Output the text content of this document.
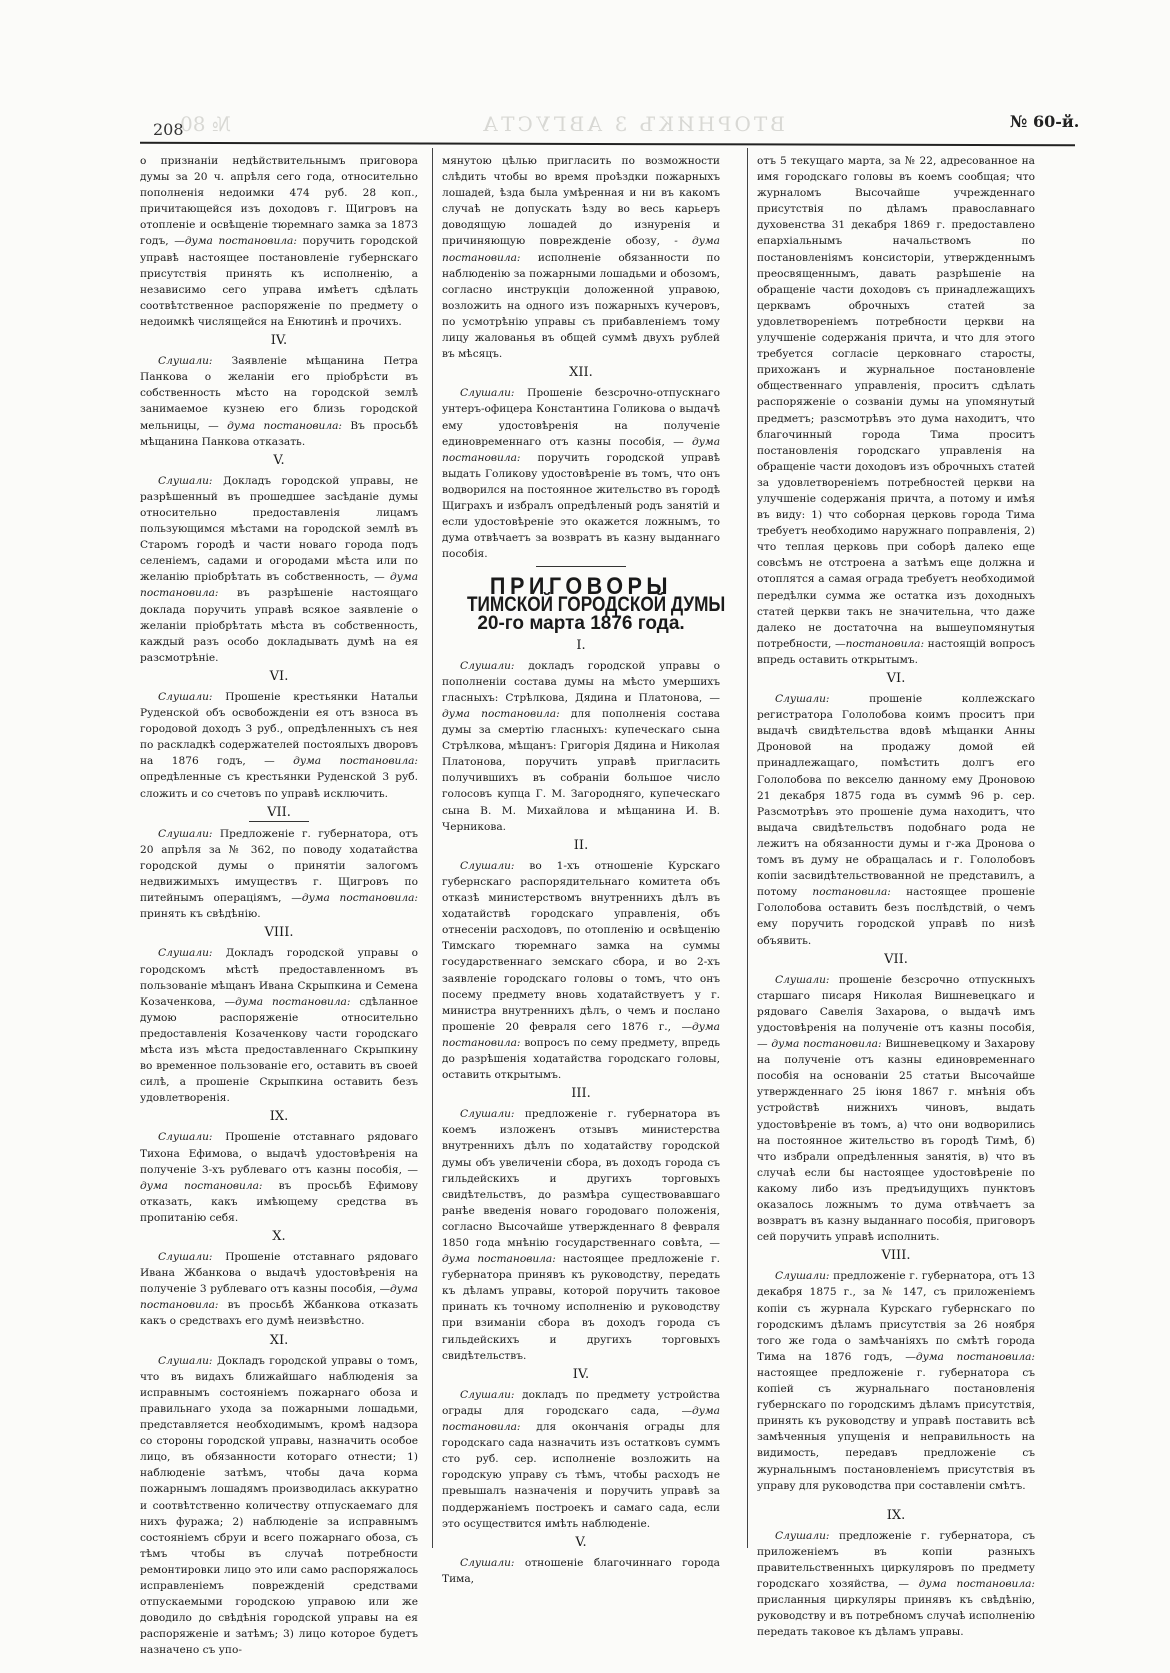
№ 80	ВТОРНИКЪ 3 АВГУСТА
208	№ 60-й.

о признаніи недѣйствительнымъ приговора думы за 20 ч. апрѣля сего года, относительно пополненія недоимки 474 руб. 28 коп., причитающейся изъ доходовъ г. Щигровъ на отопленіе и освѣщеніе тюремнаго замка за 1873 годъ, —дума постановила: поручить городской управѣ настоящее постановленіе губернскаго присутствія принять къ исполненію, а независимо сего управа имѣетъ сдѣлать соотвѣтственное распоряженіе по предмету о недоимкѣ числящейся на Енютинѣ и прочихъ.

IV.

Слушали: Заявленіе мѣщанина Петра Панкова о желаніи его пріобрѣсти въ собственность мѣсто на городской землѣ занимаемое кузнею его близь городской мельницы, — дума постановила: Въ просьбѣ мѣщанина Панкова отказать.

V.

Слушали: Докладъ городской управы, не разрѣшенный въ прошедшее засѣданіе думы относительно предоставленія лицамъ пользующимся мѣстами на городской землѣ въ Старомъ городѣ и части новаго города подъ селеніемъ, садами и огородами мѣста или по желанію пріобрѣтать въ собственность, — дума постановила: въ разрѣшеніе настоящаго доклада поручить управѣ всякое заявленіе о желаніи пріобрѣтать мѣста въ собственность, каждый разъ особо докладывать думѣ на ея разсмотрѣніе.

VI.

Слушали: Прошеніе крестьянки Натальи Руденской объ освобожденіи ея отъ взноса въ городовой доходъ 3 руб., опредѣленныхъ съ нея по раскладкѣ содержателей постоялыхъ дворовъ на 1876 годъ, — дума постановила: опредѣленные съ крестьянки Руденской 3 руб. сложить и со счетовъ по управѣ исключить.

VII.

Слушали: Предложеніе г. губернатора, отъ 20 апрѣля за № 362, по поводу ходатайства городской думы о принятіи залогомъ недвижимыхъ имуществъ г. Щигровъ по питейнымъ операціямъ, —дума постановила: принять къ свѣдѣнію.

VIII.

Слушали: Докладъ городской управы о городскомъ мѣстѣ предоставленномъ въ пользованіе мѣщанъ Ивана Скрыпкина и Семена Козаченкова, —дума постановила: сдѣланное думою распоряженіе относительно предоставленія Козаченкову части городскаго мѣста изъ мѣста предоставленнаго Скрыпкину во временное пользованіе его, оставить въ своей силѣ, а прошеніе Скрыпкина оставить безъ удовлетворенія.

IX.

Слушали: Прошеніе отставнаго рядоваго Тихона Ефимова, о выдачѣ удостовѣренія на полученіе 3-хъ рублеваго отъ казны пособія, —дума постановила: въ просьбѣ Ефимову отказать, какъ имѣющему средства въ пропитанію себя.

X.

Слушали: Прошеніе отставнаго рядоваго Ивана Жбанкова о выдачѣ удостовѣренія на полученіе 3 рублеваго отъ казны пособія, —дума постановила: въ просьбѣ Жбанкова отказать какъ о средствахъ его думѣ неизвѣстно.

XI.

Слушали: Докладъ городской управы о томъ, что въ видахъ ближайшаго наблюденія за исправнымъ состояніемъ пожарнаго обоза и правильнаго ухода за пожарными лошадьми, представляется необходимымъ, кромѣ надзора со стороны городской управы, назначить особое лицо, въ обязанности котораго отнести; 1) наблюденіе затѣмъ, чтобы дача корма пожарнымъ лошадямъ производилась аккуратно и соотвѣтственно количеству отпускаемаго для нихъ фуража; 2) наблюденіе за исправнымъ состояніемъ сбруи и всего пожарнаго обоза, съ тѣмъ чтобы въ случаѣ потребности ремонтировки лицо это или само распоряжалось исправленіемъ поврежденій средствами отпускаемыми городскою управою или же доводило до свѣдѣнія городской управы на ея распоряженіе и затѣмъ; 3) лицо которое будетъ назначено съ упо-

мянутою цѣлью пригласить по возможности слѣдить чтобы во время проѣздки пожарныхъ лошадей, ѣзда была умѣренная и ни въ какомъ случаѣ не допускать ѣзду во весь карьеръ доводящую лошадей до изнуренія и причиняющую поврежденіе обозу, - дума постановила: исполненіе обязанности по наблюденію за пожарными лошадьми и обозомъ, согласно инструкціи доложенной управою, возложить на одного изъ пожарныхъ кучеровъ, по усмотрѣнію управы съ прибавленіемъ тому лицу жалованья въ общей суммѣ двухъ рублей въ мѣсяцъ.

XII.

Слушали: Прошеніе безсрочно-отпускнаго унтеръ-офицера Константина Голикова о выдачѣ ему удостовѣренія на полученіе единовременнаго отъ казны пособія, — дума постановила: поручить городской управѣ выдать Голикову удостовѣреніе въ томъ, что онъ водворился на постоянное жительство въ городѣ Щиграхъ и избралъ опредѣленый родъ занятій и если удостовѣреніе это окажется ложнымъ, то дума отвѣчаетъ за возвратъ въ казну выданнаго пособія.

ПРИГОВОРЫ
ТИМСКОЙ ГОРОДСКОЙ ДУМЫ
20-го марта 1876 года.
I.

Слушали: докладъ городской управы о пополненіи состава думы на мѣсто умершихъ гласныхъ: Стрѣлкова, Дядина и Платонова, — дума постановила: для пополненія состава думы за смертію гласныхъ: купеческаго сына Стрѣлкова, мѣщанъ: Григорія Дядина и Николая Платонова, поручить управѣ пригласить получившихъ въ собраніи большое число голосовъ купца Г. М. Загородняго, купеческаго сына В. М. Михайлова и мѣщанина И. В. Черникова.

II.

Слушали: во 1-хъ отношеніе Курскаго губернскаго распорядительнаго комитета объ отказѣ министерствомъ внутреннихъ дѣлъ въ ходатайствѣ городскаго управленія, объ отнесеніи расходовъ, по отопленію и освѣщенію Тимскаго тюремнаго замка на суммы государственнаго земскаго сбора, и во 2-хъ заявленіе городскаго головы о томъ, что онъ посему предмету вновь ходатайствуетъ у г. министра внутреннихъ дѣлъ, о чемъ и послано прошеніе 20 февраля сего 1876 г., —дума постановила: вопросъ по сему предмету, впредь до разрѣшенія ходатайства городскаго головы, оставить открытымъ.

III.

Слушали: предложеніе г. губернатора въ коемъ изложенъ отзывъ министерства внутреннихъ дѣлъ по ходатайству городской думы объ увеличеніи сбора, въ доходъ города съ гильдейскихъ и другихъ торговыхъ свидѣтельствъ, до размѣра существовавшаго ранѣе введенія новаго городоваго положенія, согласно Высочайше утвержденнаго 8 февраля 1850 года мнѣнію государственнаго совѣта, — дума постановила: настоящее предложеніе г. губернатора принявъ къ руководству, передать къ дѣламъ управы, которой поручить таковое принать къ точному исполненію и руководству при взиманіи сбора въ доходъ города съ гильдейскихъ и другихъ торговыхъ свидѣтельствъ.

IV.

Слушали: докладъ по предмету устройства ограды для городскаго сада, —дума постановила: для окончанія ограды для городскаго сада назначить изъ остатковъ суммъ сто руб. сер. исполненіе возложить на городскую управу съ тѣмъ, чтобы расходъ не превышалъ назначенія и поручить управѣ за поддержаніемъ построекъ и самаго сада, если это осуществится имѣть наблюденіе.

V.

Слушали: отношеніе благочиннаго города Тима,

отъ 5 текущаго марта, за № 22, адресованное на имя городскаго головы въ коемъ сообщая; что журналомъ Высочайше учрежденнаго присутствія по дѣламъ православнаго духовенства 31 декабря 1869 г. предоставлено епархіальнымъ начальствомъ по постановленіямъ консисторіи, утвержденнымъ преосвященнымъ, давать разрѣшеніе на обращеніе части доходовъ съ принадлежащихъ церквамъ оброчныхъ статей за удовлетвореніемъ потребности церкви на улучшеніе содержанія причта, и что для этого требуется согласіе церковнаго старосты, прихожанъ и журнальное постановленіе общественнаго управленія, проситъ сдѣлать распоряженіе о созваніи думы на упомянутый предметъ; разсмотрѣвъ это дума находитъ, что благочинный города Тима проситъ постановленія городскаго управленія на обращеніе части доходовъ изъ оброчныхъ статей за удовлетвореніемъ потребностей церкви на улучшеніе содержанія причта, а потому и имѣя въ виду: 1) что соборная церковь города Тима требуетъ необходимо наружнаго поправленія, 2) что теплая церковь при соборѣ далеко еще совсѣмъ не отстроена а затѣмъ еще должна и отоплятся а самая ограда требуетъ необходимой передѣлки сумма же остатка изъ доходныхъ статей церкви такъ не значительна, что даже далеко не достаточна на вышеупомянутыя потребности, —постановила: настоящій вопросъ впредь оставить открытымъ.

VI.

Слушали:	прошеніе коллежскаго регистратора Гололобова коимъ проситъ при выдачѣ свидѣтельства вдовѣ мѣщанки Анны Дроновой на продажу домой ей принадлежащаго, помѣстить долгъ его Гололобова по векселю данному ему Дроновою 21 декабря 1875 года въ суммѣ 96 р. сер. Разсмотрѣвъ это прошеніе дума находитъ, что выдача свидѣтельствъ подобнаго рода не лежитъ на обязанности думы и г-жа Дронова о томъ въ думу не обращалась и г. Гололобовъ копіи засвидѣтельствованной не представилъ, а потому постановила: настоящее прошеніе Гололобова оставить безъ послѣдствій, о чемъ ему поручить городской управѣ по низѣ объявить.

VII.

Слушали: прошеніе безсрочно отпускныхъ старшаго писаря Николая Вишневецкаго и рядоваго Савелія Захарова, о выдачѣ имъ удостовѣренія на полученіе отъ казны пособія, — дума постановила: Вишневецкому и Захарову на полученіе отъ казны единовременнаго пособія на основаніи 25 статьи Высочайше утвержденнаго 25 іюня 1867 г. мнѣнія объ устройствѣ нижнихъ чиновъ, выдать удостовѣреніе въ томъ, а) что они водворились на постоянное жительство въ городѣ Тимѣ, б) что избрали опредѣленныя занятія, в) что въ случаѣ если бы настоящее удостовѣреніе по какому либо изъ предъидущихъ пунктовъ оказалось ложнымъ то дума отвѣчаетъ за возвратъ въ казну выданнаго пособія, приговоръ сей поручить управѣ исполнить.

VIII.

Слушали: предложеніе г. губернатора, отъ 13 декабря 1875 г., за № 147, съ приложеніемъ копіи съ журнала Курскаго губернскаго по городскимъ дѣламъ присутствія за 26 ноября того же года о замѣчаніяхъ по смѣтѣ города Тима на 1876 годъ, —дума постановила: настоящее предложеніе г. губернатора съ копіей съ журнальнаго постановленія губернскаго по городскимъ дѣламъ присутствія, принять къ руководству и управѣ поставить всѣ замѣченныя упущенія и неправильность на видимость, передавъ предложеніе съ журнальнымъ постановленіемъ присутствія въ управу для руководства при составленіи смѣтъ.

IX.

Слушали: предложеніе г. губернатора, съ приложеніемъ въ копіи разныхъ правительственныхъ циркуляровъ по предмету городскаго хозяйства, — дума постановила: присланныя циркуляры принявъ къ свѣдѣнію, руководству и въ потребномъ случаѣ исполненію передать таковое къ дѣламъ управы.
